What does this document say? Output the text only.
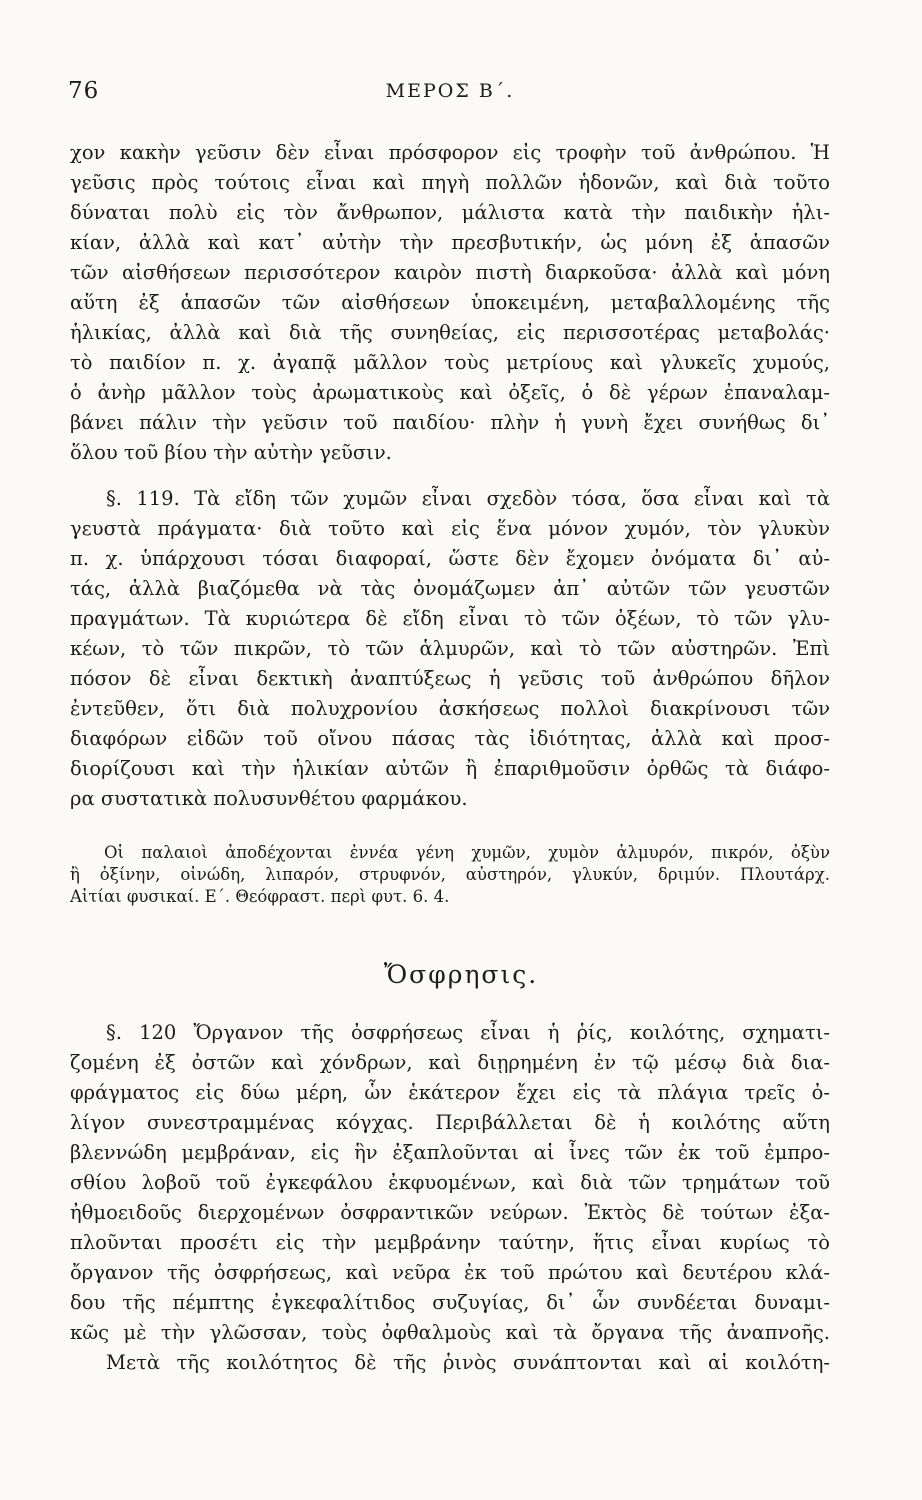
76	ΜΕΡΟΣ Β΄.
χον κακὴν γεῦσιν δὲν εἶναι πρόσφορον εἰς τροφὴν τοῦ ἀνθρώπου. Ἡ
γεῦσις πρὸς τούτοις εἶναι καὶ πηγὴ πολλῶν ἡδονῶν, καὶ διὰ τοῦτο
δύναται πολὺ εἰς τὸν ἄνθρωπον, μάλιστα κατὰ τὴν παιδικὴν ἡλι-
κίαν, ἀλλὰ καὶ κατ᾽ αὐτὴν τὴν πρεσβυτικήν, ὡς μόνη ἐξ ἁπασῶν
τῶν αἰσθήσεων περισσότερον καιρὸν πιστὴ διαρκοῦσα· ἀλλὰ καὶ μόνη
αὕτη ἐξ ἁπασῶν τῶν αἰσθήσεων ὑποκειμένη, μεταβαλλομένης τῆς
ἡλικίας, ἀλλὰ καὶ διὰ τῆς συνηθείας, εἰς περισσοτέρας μεταβολάς·
τὸ παιδίον π. χ. ἀγαπᾷ μᾶλλον τοὺς μετρίους καὶ γλυκεῖς χυμούς,
ὁ ἀνὴρ μᾶλλον τοὺς ἀρωματικοὺς καὶ ὀξεῖς, ὁ δὲ γέρων ἐπαναλαμ-
βάνει πάλιν τὴν γεῦσιν τοῦ παιδίου· πλὴν ἡ γυνὴ ἔχει συνήθως δι᾽
ὅλου τοῦ βίου τὴν αὐτὴν γεῦσιν.
§. 119. Τὰ εἴδη τῶν χυμῶν εἶναι σχεδὸν τόσα, ὅσα εἶναι καὶ τὰ
γευστὰ πράγματα· διὰ τοῦτο καὶ εἰς ἕνα μόνον χυμόν, τὸν γλυκὺν
π. χ. ὑπάρχουσι τόσαι διαφοραί, ὥστε δὲν ἔχομεν ὀνόματα δι᾽ αὐ-
τάς, ἀλλὰ βιαζόμεθα νὰ τὰς ὀνομάζωμεν ἀπ᾽ αὐτῶν τῶν γευστῶν
πραγμάτων. Τὰ κυριώτερα δὲ εἴδη εἶναι τὸ τῶν ὀξέων, τὸ τῶν γλυ-
κέων, τὸ τῶν πικρῶν, τὸ τῶν ἁλμυρῶν, καὶ τὸ τῶν αὐστηρῶν. Ἐπὶ
πόσον δὲ εἶναι δεκτικὴ ἀναπτύξεως ἡ γεῦσις τοῦ ἀνθρώπου δῆλον
ἐντεῦθεν, ὅτι διὰ πολυχρονίου ἀσκήσεως πολλοὶ διακρίνουσι τῶν
διαφόρων εἰδῶν τοῦ οἴνου πάσας τὰς ἰδιότητας, ἀλλὰ καὶ προσ-
διορίζουσι καὶ τὴν ἡλικίαν αὐτῶν ἢ ἐπαριθμοῦσιν ὀρθῶς τὰ διάφο-
ρα συστατικὰ πολυσυνθέτου φαρμάκου.
Οἱ παλαιοὶ ἀποδέχονται ἐννέα γένη χυμῶν, χυμὸν ἁλμυρόν, πικρόν, ὀξὺν
ἢ ὀξίνην, οἰνώδη, λιπαρόν, στρυφνόν, αὐστηρόν, γλυκύν, δριμύν. Πλουτάρχ.
Αἰτίαι φυσικαί. Ε΄. Θεόφραστ. περὶ φυτ. 6. 4.
Ὄσφρησις.
§. 120 Ὄργανον τῆς ὀσφρήσεως εἶναι ἡ ῥίς, κοιλότης, σχηματι-
ζομένη ἐξ ὀστῶν καὶ χόνδρων, καὶ διῃρημένη ἐν τῷ μέσῳ διὰ δια-
φράγματος εἰς δύω μέρη, ὧν ἑκάτερον ἔχει εἰς τὰ πλάγια τρεῖς ὀ-
λίγον συνεστραμμένας κόγχας. Περιβάλλεται δὲ ἡ κοιλότης αὕτη
βλεννώδη μεμβράναν, εἰς ἣν ἐξαπλοῦνται αἱ ἶνες τῶν ἐκ τοῦ ἐμπρο-
σθίου λοβοῦ τοῦ ἐγκεφάλου ἐκφυομένων, καὶ διὰ τῶν τρημάτων τοῦ
ἠθμοειδοῦς διερχομένων ὀσφραντικῶν νεύρων. Ἐκτὸς δὲ τούτων ἐξα-
πλοῦνται προσέτι εἰς τὴν μεμβράνην ταύτην, ἥτις εἶναι κυρίως τὸ
ὄργανον τῆς ὀσφρήσεως, καὶ νεῦρα ἐκ τοῦ πρώτου καὶ δευτέρου κλά-
δου τῆς πέμπτης ἐγκεφαλίτιδος συζυγίας, δι᾽ ὧν συνδέεται δυναμι-
κῶς μὲ τὴν γλῶσσαν, τοὺς ὀφθαλμοὺς καὶ τὰ ὄργανα τῆς ἀναπνοῆς.
Μετὰ τῆς κοιλότητος δὲ τῆς ῥινὸς συνάπτονται καὶ αἱ κοιλότη-
